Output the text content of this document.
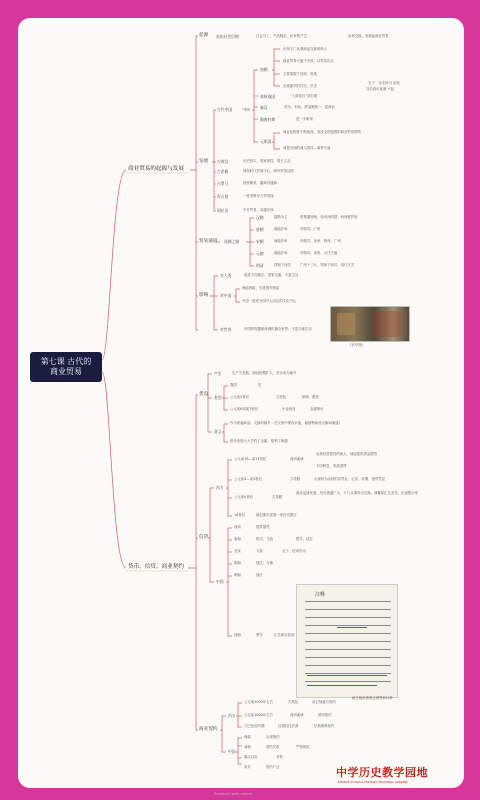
第七课 古代的
商业贸易
商业贸易的起源与发展
起源 原始社会后期	社会分工、产品剩余、私有制产生	出现交换、发展起商业贸易
发展
古代中国	“市”
商朝
出现专门从事商品交换的商人
商业贸易兴盛于中原，以贸易出名
主要掌握于官府、贵族
出现最早的货币，贝壳
春秋战国	“工商食官”被打破
秦汉	货币、车轨、度量衡统一，促商业
隋唐时期	进一步繁荣
元明清
商业化程度不断加深，形成全国范围的商业贸易网络
商帮出现的商人群体—商帮兴盛
交子：北宋四川 出现
以后纸币逐渐 兴起
古埃及	历史悠久，国家掌控，国王主从
古希腊	城邦时代贸易中心，海外贸易活跃
古罗马	国家繁荣，疆域内通商
拜占庭	一度垄断东方贸易线
阿拉伯	中介贸易，沟通东西
贸易通道 丝绸之路
汉朝	陆路为主	张骞通西域，设河西四郡、西域都护府
唐朝	海陆并举	市舶司、广州
宋朝	海陆并举	市舶司，泉州、明州、广州
元朝	海陆并举	市舶司，泉州，元代兴盛
明清	郑和下西洋	广州十三行，郑和下西洋，清代关关
影响
对人类	促进不同地区、国家交流，丰富生活
对中国
海陆两路，引进国外物品
中国一度成为国外人向往的文化中心
对世界	中国的瓷器和丝绸传播全世界，丰富当地生活
《宫中图》
货币、信贷、商业契约
货币
产生	生产力发展，商品规模扩大，货币成为媒介
类型
我国	贝
公元前5世纪	古埃及	铜块、银块
公元前6到前7世纪	小亚西亚	金属铸币
意义
作为普遍商品，交换的媒介（在交易中保存价值，能便利商品交换和流通）
纸币发明大大节约了金属，便利了流通
信贷
西方
公元前18—前17世纪	两河流域
出现经营借贷的商人、神庙提供资金借贷
不同利息，贵族借贷
公元前4—前3世纪	古希腊	出现较为活跃的信贷业，记录、账簿、借贷凭证
公元前4世纪	古希腊
商业迅速发展，货币流通广大，专门从事货币兑换、储蓄和汇兑业务，出现银行家
16世纪	威尼斯出现第一家近代银行
中国
西周	提供借贷
唐朝	柜坊、飞钱	银号、钱庄
北宋	飞钱	交子，信用货币
明朝	钱庄、当铺
明朝	钱庄
清朝	票号	汇兑和存放款
注释
商业契约
西方
公元前2000年左右	古埃及	用石刻盛行契约
地方统治者规定借贷和付款
公元前1800年左右	两河流域	使用契约
古巴比伦时期	汉谟拉比法典	法典保障契约
中国
商朝	出现契约
周朝	契约关系	严格规范
秦汉以后	书契
宋代	契约广泛	中学历史教学园地
MIDDLE SCHOOL HISTORY TEACHING GARDEN
Produced with xmind
